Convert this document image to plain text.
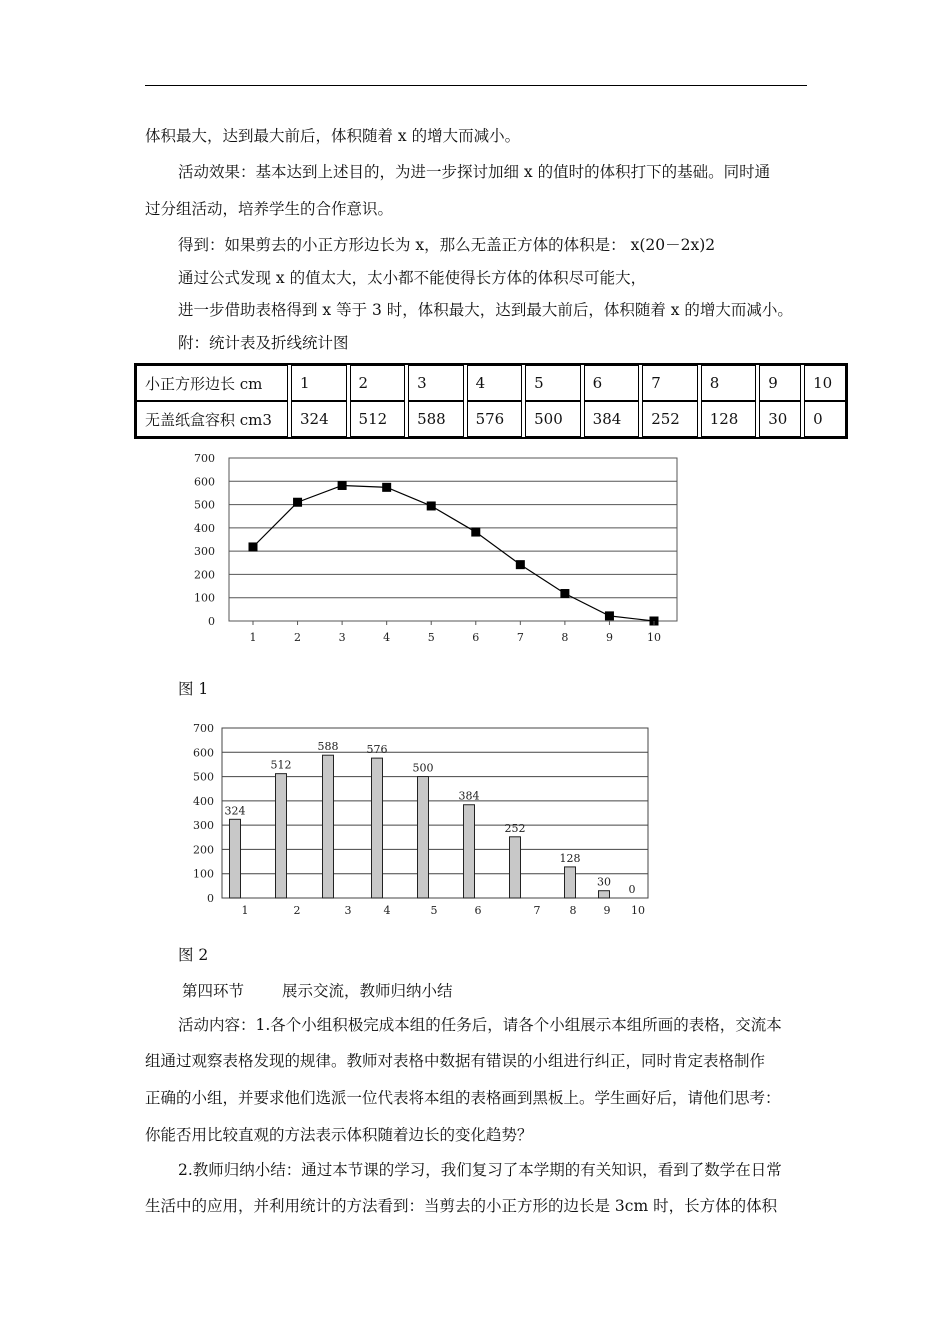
体积最大，达到最大前后，体积随着 x 的增大而减小。
活动效果：基本达到上述目的，为进一步探讨加细 x 的值时的体积打下的基础。同时通
过分组活动，培养学生的合作意识。
得到：如果剪去的小正方形边长为 x，那么无盖正方体的体积是： x(20－2x)2
通过公式发现 x 的值太大，太小都不能使得长方体的体积尽可能大，
进一步借助表格得到 x 等于 3 时，体积最大，达到最大前后，体积随着 x 的增大而减小。
附：统计表及折线统计图
小正方形边长 cm		1		2		3		4		5		6		7		8		9		10
无盖纸盒容积 cm3		324		512		588		576		500		384		252		128		30		0
0
100
200
300
400
500
600
700
1	2	3	4	5	6	7	8	9	10
0
100
200
300
400
500
600
700
324
1
512
2
588
3
576
4
500
5
384
6
252
7
128
8
30
9
0
10
图 1
图 2
第四环节 展示交流，教师归纳小结
活动内容：1.各个小组积极完成本组的任务后，请各个小组展示本组所画的表格，交流本
组通过观察表格发现的规律。教师对表格中数据有错误的小组进行纠正，同时肯定表格制作
正确的小组，并要求他们选派一位代表将本组的表格画到黑板上。学生画好后，请他们思考：
你能否用比较直观的方法表示体积随着边长的变化趋势？
2.教师归纳小结：通过本节课的学习，我们复习了本学期的有关知识，看到了数学在日常
生活中的应用，并利用统计的方法看到：当剪去的小正方形的边长是 3cm 时，长方体的体积
